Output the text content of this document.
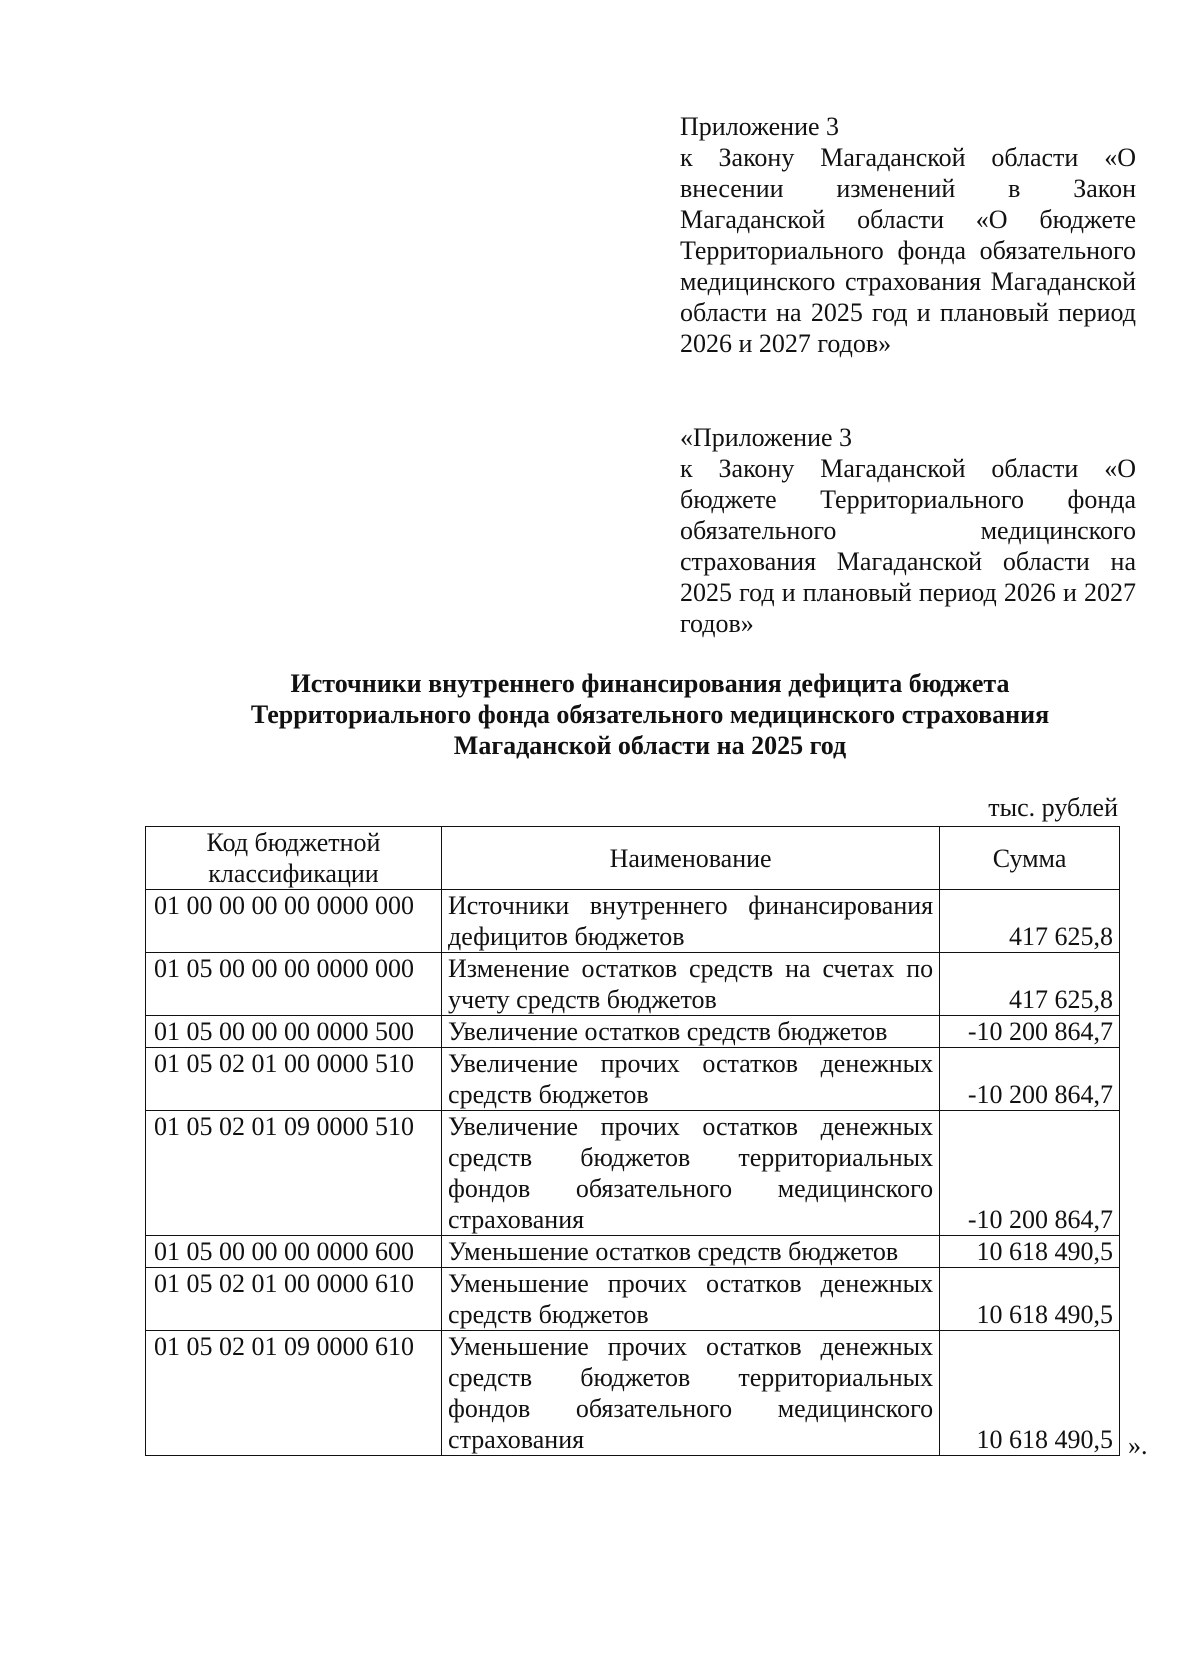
Приложение 3

к Закону Магаданской области «О внесении изменений в Закон Магаданской области «О бюджете Территориального фонда обязательного медицинского страхования Магаданской области на 2025 год и плановый период 2026 и 2027 годов»

«Приложение 3

к Закону Магаданской области «О бюджете Территориального фонда обязательного медицинского страхования Магаданской области на 2025 год и плановый период 2026 и 2027 годов»

Источники внутреннего финансирования дефицита бюджета
Территориального фонда обязательного медицинского страхования
Магаданской области на 2025 год

тыс. рублей

Код бюджетной классификации	Наименование	Сумма
01 00 00 00 00 0000 000	Источники внутреннего финансирования дефицитов бюджетов	417 625,8
01 05 00 00 00 0000 000	Изменение остатков средств на счетах по учету средств бюджетов	417 625,8
01 05 00 00 00 0000 500	Увеличение остатков средств бюджетов	-10 200 864,7
01 05 02 01 00 0000 510	Увеличение прочих остатков денежных средств бюджетов	-10 200 864,7
01 05 02 01 09 0000 510	Увеличение прочих остатков денежных средств бюджетов территориальных фондов обязательного медицинского страхования	-10 200 864,7
01 05 00 00 00 0000 600	Уменьшение остатков средств бюджетов	10 618 490,5
01 05 02 01 00 0000 610	Уменьшение прочих остатков денежных средств бюджетов	10 618 490,5
01 05 02 01 09 0000 610	Уменьшение прочих остатков денежных средств бюджетов территориальных фондов обязательного медицинского страхования	10 618 490,5 ».
